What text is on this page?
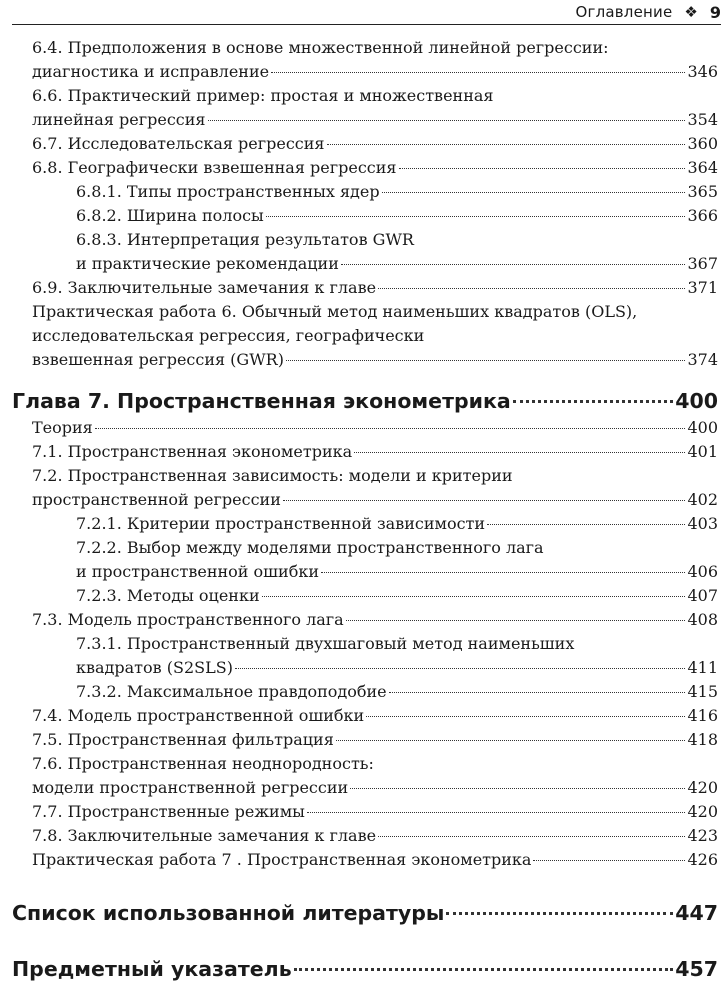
Оглавление ❖ 9
6.4. Предположения в основе множественной линейной регрессии:
диагностика и исправление	346
6.6. Практический пример: простая и множественная
линейная регрессия	354
6.7. Исследовательская регрессия	360
6.8. Географически взвешенная регрессия	364
6.8.1. Типы пространственных ядер	365
6.8.2. Ширина полосы	366
6.8.3. Интерпретация результатов GWR
и практические рекомендации	367
6.9. Заключительные замечания к главе	371
Практическая работа 6. Обычный метод наименьших квадратов (OLS),
исследовательская регрессия, географически
взвешенная регрессия (GWR)	374
Глава 7. Пространственная эконометрика	400
Теория	400
7.1. Пространственная эконометрика	401
7.2. Пространственная зависимость: модели и критерии
пространственной регрессии	402
7.2.1. Критерии пространственной зависимости	403
7.2.2. Выбор между моделями пространственного лага
и пространственной ошибки	406
7.2.3. Методы оценки	407
7.3. Модель пространственного лага	408
7.3.1. Пространственный двухшаговый метод наименьших
квадратов (S2SLS)	411
7.3.2. Максимальное правдоподобие	415
7.4. Модель пространственной ошибки	416
7.5. Пространственная фильтрация	418
7.6. Пространственная неоднородность:
модели пространственной регрессии	420
7.7. Пространственные режимы	420
7.8. Заключительные замечания к главе	423
Практическая работа 7 . Пространственная эконометрика	426
Список использованной литературы	447
Предметный указатель	457
